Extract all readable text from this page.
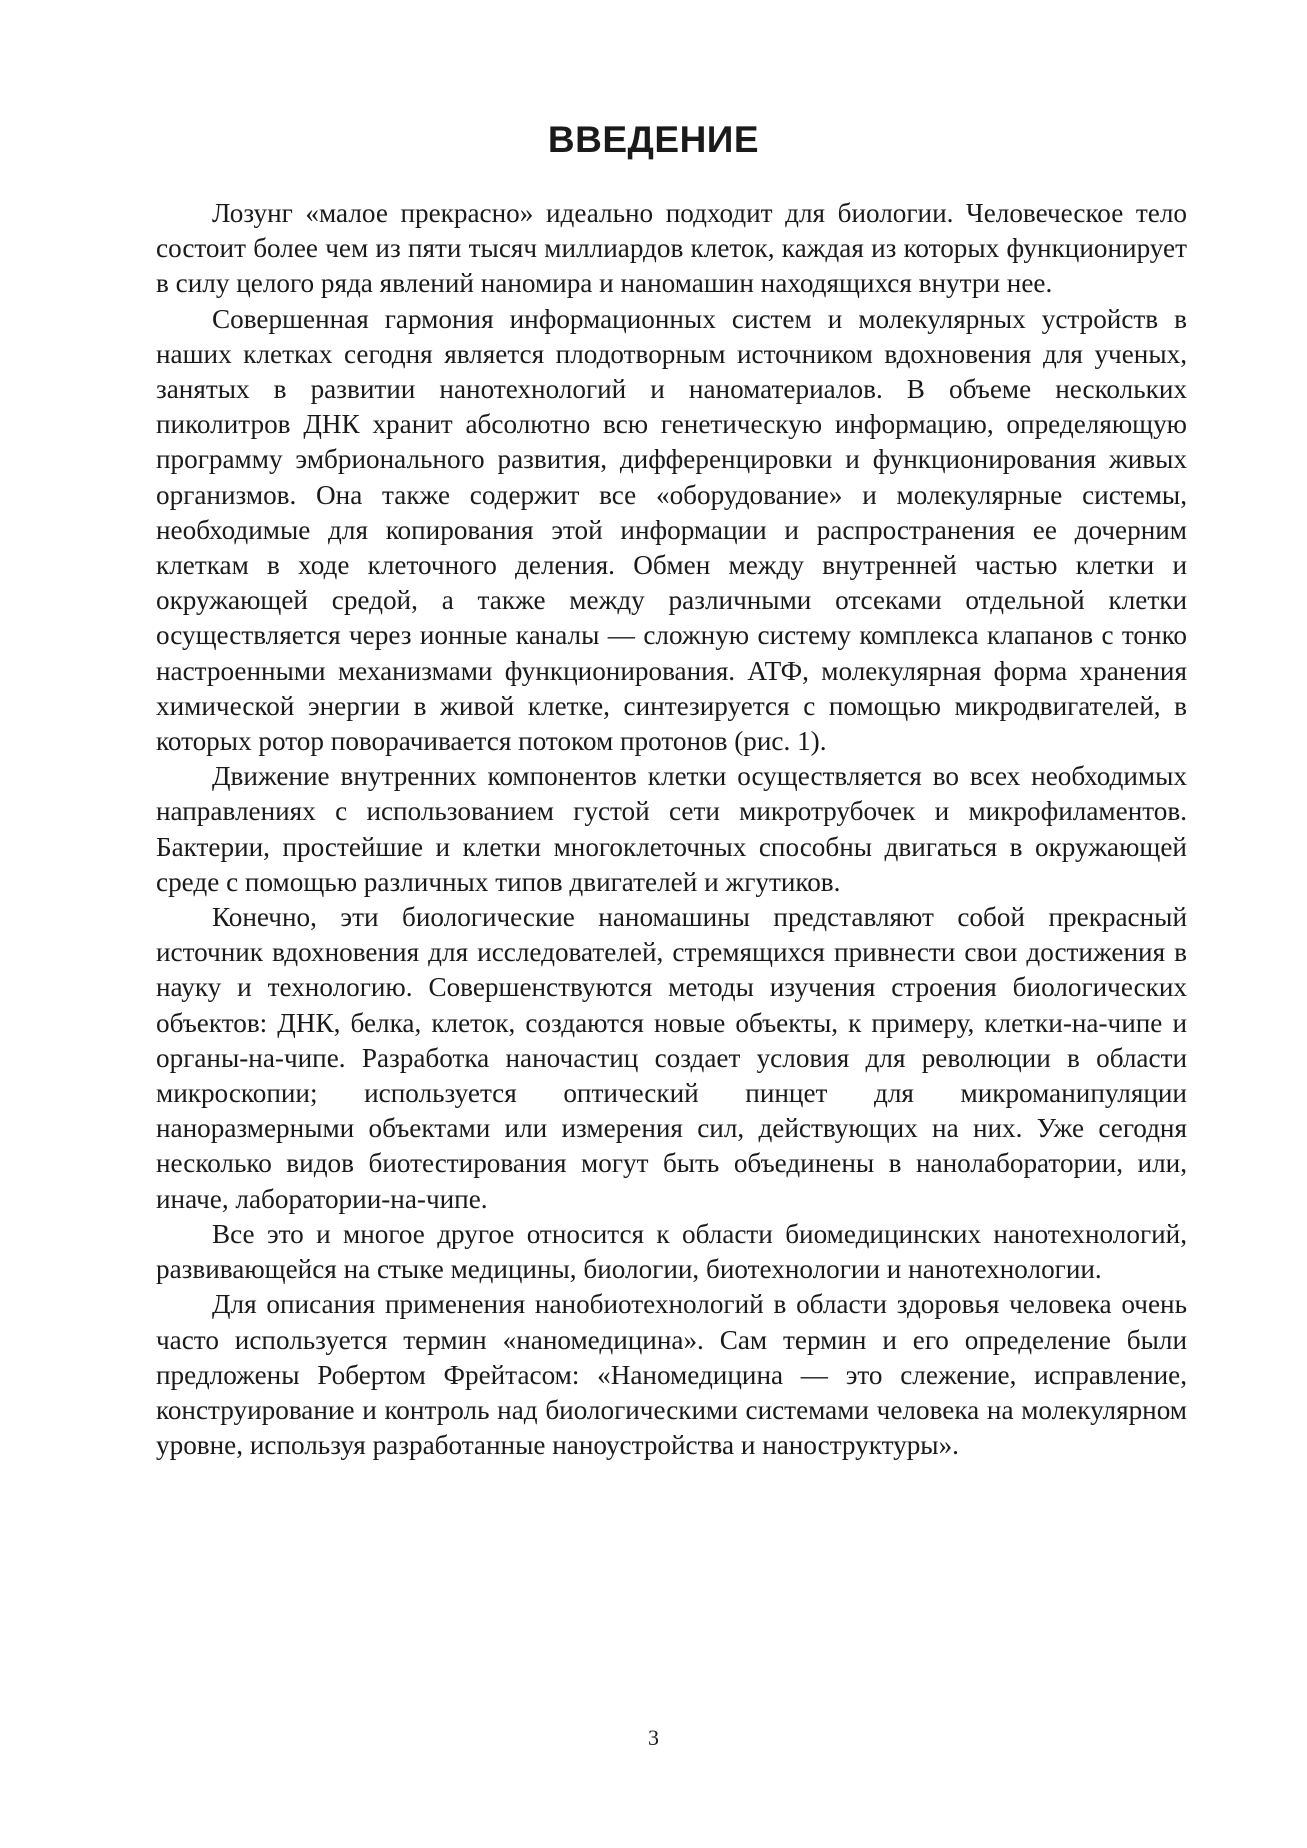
ВВЕДЕНИЕ

Лозунг «малое прекрасно» идеально подходит для биологии. Человеческое тело состоит более чем из пяти тысяч миллиардов клеток, каждая из которых функционирует в силу целого ряда явлений наномира и наномашин находящихся внутри нее.

Совершенная гармония информационных систем и молекулярных устройств в наших клетках сегодня является плодотворным источником вдохновения для ученых, занятых в развитии нанотехнологий и наноматериалов. В объеме нескольких пиколитров ДНК хранит абсолютно всю генетическую информацию, определяющую программу эмбрионального развития, дифференцировки и функционирования живых организмов. Она также содержит все «оборудование» и молекулярные системы, необходимые для копирования этой информации и распространения ее дочерним клеткам в ходе клеточного деления. Обмен между внутренней частью клетки и окружающей средой, а также между различными отсеками отдельной клетки осуществляется через ионные каналы — сложную систему комплекса клапанов с тонко настроенными механизмами функционирования. АТФ, молекулярная форма хранения химической энергии в живой клетке, синтезируется с помощью микродвигателей, в которых ротор поворачивается потоком протонов (рис. 1).

Движение внутренних компонентов клетки осуществляется во всех необходимых направлениях с использованием густой сети микротрубочек и микрофиламентов. Бактерии, простейшие и клетки многоклеточных способны двигаться в окружающей среде с помощью различных типов двигателей и жгутиков.

Конечно, эти биологические наномашины представляют собой прекрасный источник вдохновения для исследователей, стремящихся привнести свои достижения в науку и технологию. Совершенствуются методы изучения строения биологических объектов: ДНК, белка, клеток, создаются новые объекты, к примеру, клетки-на-чипе и органы-на-чипе. Разработка наночастиц создает условия для революции в области микроскопии; используется оптический пинцет для микроманипуляции наноразмерными объектами или измерения сил, действующих на них. Уже сегодня несколько видов биотестирования могут быть объединены в нанолаборатории, или, иначе, лаборатории-на-чипе.

Все это и многое другое относится к области биомедицинских нанотехнологий, развивающейся на стыке медицины, биологии, биотехнологии и нанотехнологии.

Для описания применения нанобиотехнологий в области здоровья человека очень часто используется термин «наномедицина». Сам термин и его определение были предложены Робертом Фрейтасом: «Наномедицина — это слежение, исправление, конструирование и контроль над биологическими системами человека на молекулярном уровне, используя разработанные наноустройства и наноструктуры».

3
